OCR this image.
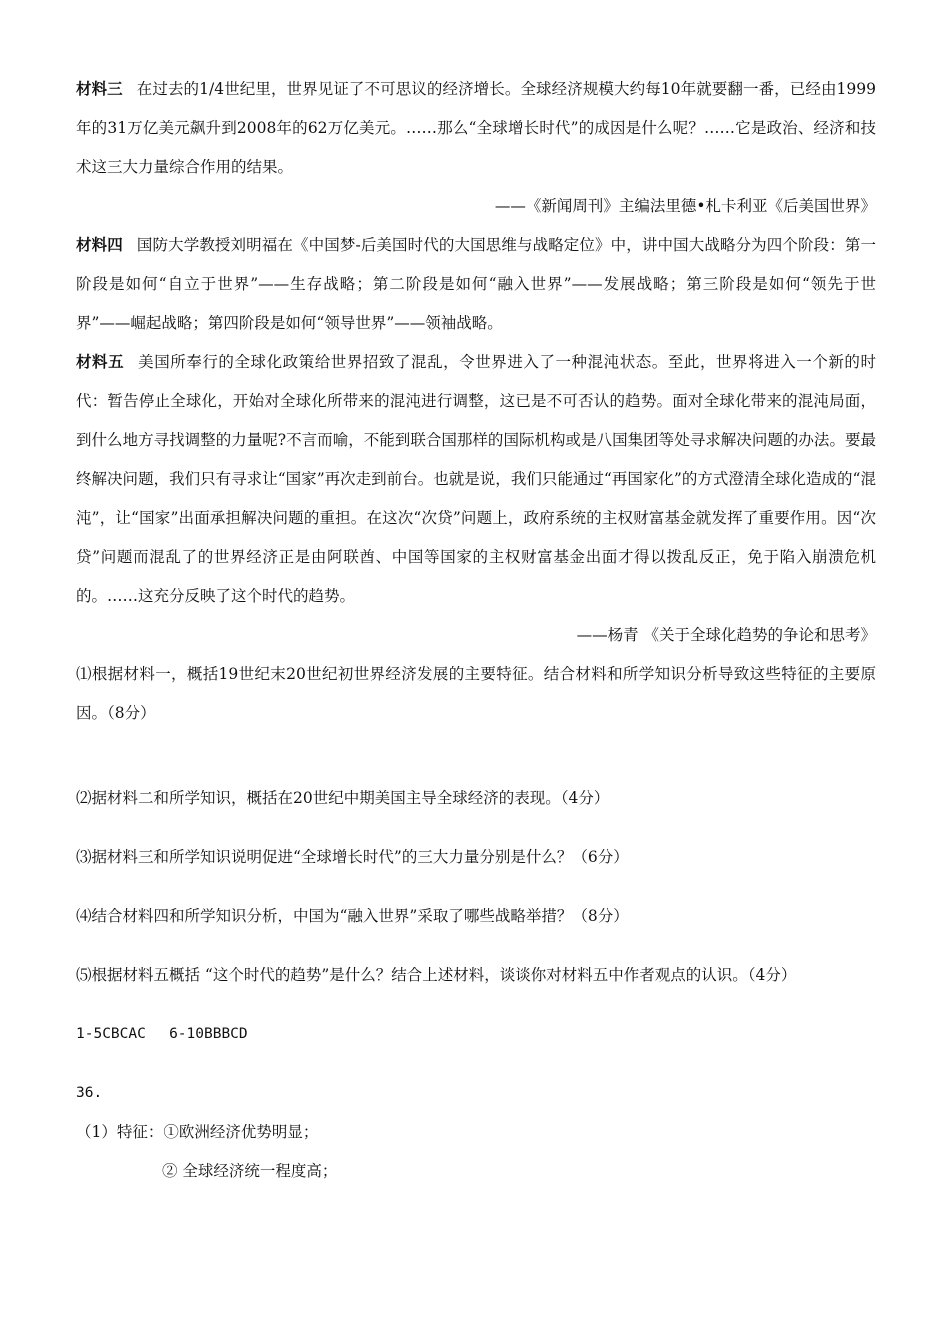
材料三 在过去的1/4世纪里，世界见证了不可思议的经济增长。全球经济规模大约每10年就要翻一番，已经由1999年的31万亿美元飙升到2008年的62万亿美元。……那么“全球增长时代”的成因是什么呢？……它是政治、经济和技术这三大力量综合作用的结果。

——《新闻周刊》主编法里德•札卡利亚《后美国世界》

材料四 国防大学教授刘明福在《中国梦-后美国时代的大国思维与战略定位》中，讲中国大战略分为四个阶段：第一阶段是如何“自立于世界”——生存战略；第二阶段是如何“融入世界”——发展战略；第三阶段是如何“领先于世界”——崛起战略；第四阶段是如何“领导世界”——领袖战略。

材料五 美国所奉行的全球化政策给世界招致了混乱，令世界进入了一种混沌状态。至此，世界将进入一个新的时代：暂告停止全球化，开始对全球化所带来的混沌进行调整，这已是不可否认的趋势。面对全球化带来的混沌局面，到什么地方寻找调整的力量呢?不言而喻，不能到联合国那样的国际机构或是八国集团等处寻求解决问题的办法。要最终解决问题，我们只有寻求让“国家”再次走到前台。也就是说，我们只能通过“再国家化”的方式澄清全球化造成的“混沌”，让“国家”出面承担解决问题的重担。在这次“次贷”问题上，政府系统的主权财富基金就发挥了重要作用。因“次贷”问题而混乱了的世界经济正是由阿联酋、中国等国家的主权财富基金出面才得以拨乱反正，免于陷入崩溃危机的。……这充分反映了这个时代的趋势。

——杨青 《关于全球化趋势的争论和思考》

⑴根据材料一，概括19世纪末20世纪初世界经济发展的主要特征。结合材料和所学知识分析导致这些特征的主要原因。（8分）

⑵据材料二和所学知识，概括在20世纪中期美国主导全球经济的表现。（4分）

⑶据材料三和所学知识说明促进“全球增长时代”的三大力量分别是什么？（6分）

⑷结合材料四和所学知识分析，中国为“融入世界”采取了哪些战略举措？（8分）

⑸根据材料五概括 “这个时代的趋势”是什么？结合上述材料，谈谈你对材料五中作者观点的认识。（4分）

1-5CBCAC　 6-10BBBCD

36.

（1）特征：①欧洲经济优势明显；

② 全球经济统一程度高；
